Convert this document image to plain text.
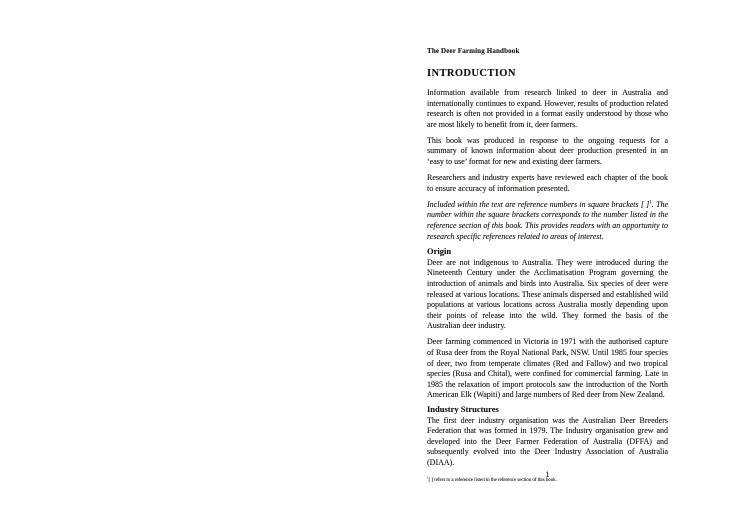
The Deer Farming Handbook
INTRODUCTION

Information available from research linked to deer in Australia and internationally continues to expand. However, results of production related research is often not provided in a format easily understood by those who are most likely to benefit from it, deer farmers.

This book was produced in response to the ongoing requests for a summary of known information about deer production presented in an ‘easy to use’ format for new and existing deer farmers.

Researchers and industry experts have reviewed each chapter of the book to ensure accuracy of information presented.

Included within the text are reference numbers in square brackets [ ]$^1$. The number within the square brackets corresponds to the number listed in the reference section of this book. This provides readers with an opportunity to research specific references related to areas of interest.

Origin

Deer are not indigenous to Australia. They were introduced during the Nineteenth Century under the Acclimatisation Program governing the introduction of animals and birds into Australia. Six species of deer were released at various locations. These animals dispersed and established wild populations at various locations across Australia mostly depending upon their points of release into the wild. They formed the basis of the Australian deer industry.

Deer farming commenced in Victoria in 1971 with the authorised capture of Rusa deer from the Royal National Park, NSW. Until 1985 four species of deer, two from temperate climates (Red and Fallow) and two tropical species (Rusa and Chital), were confined for commercial farming. Late in 1985 the relaxation of import protocols saw the introduction of the North American Elk (Wapiti) and large numbers of Red deer from New Zealand.

Industry Structures

The first deer industry organisation was the Australian Deer Breeders Federation that was formed in 1979. The Industry organisation grew and developed into the Deer Farmer Federation of Australia (DFFA) and subsequently evolved into the Deer Industry Association of Australia (DIAA).

$^1$[ ] refers to a reference listed in the reference section of this book.
1
